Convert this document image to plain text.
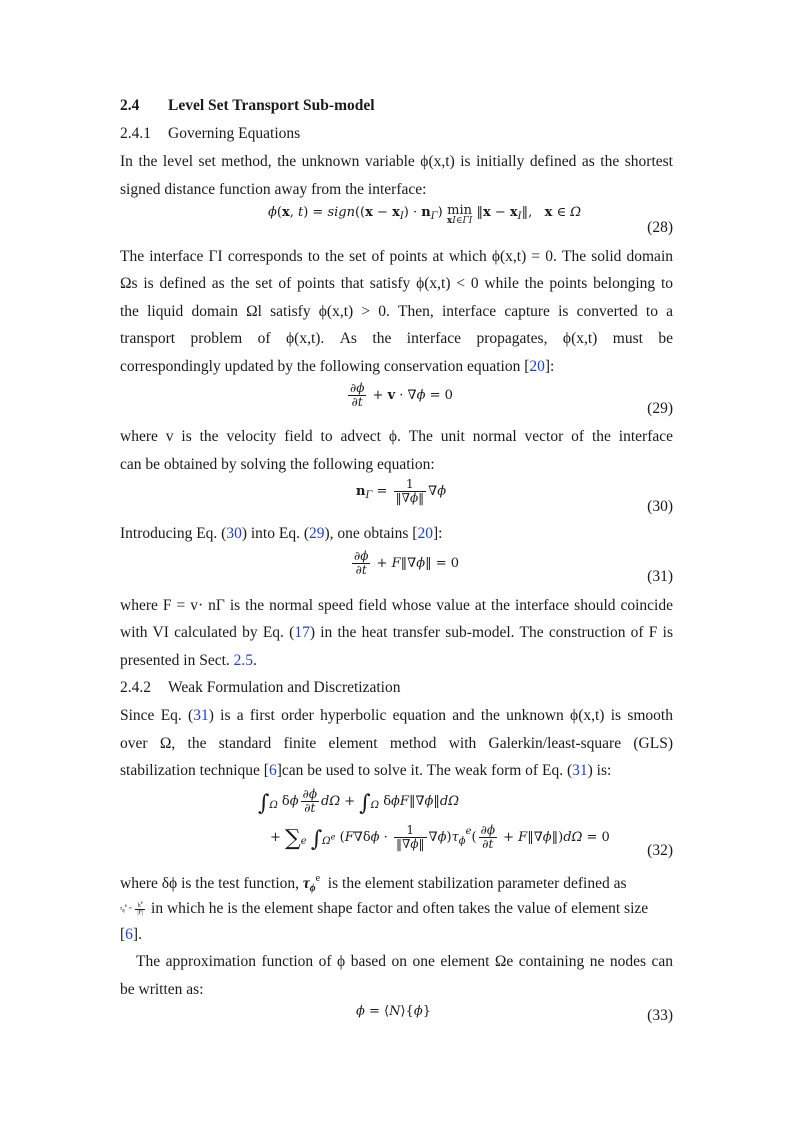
2.4 Level Set Transport Sub-model
2.4.1 Governing Equations
In the level set method, the unknown variable ϕ(x,t) is initially defined as the shortest
signed distance function away from the interface:
ϕ(x, t) = sign((x − $x_I) \cdot n_\Gamma$) min
xI∈ΓI
‖x − $x_I‖$,   x ∈ Ω
(28)
The interface ΓI corresponds to the set of points at which ϕ(x,t) = 0. The solid domain
Ωs is defined as the set of points that satisfy ϕ(x,t) < 0 while the points belonging to
the liquid domain Ωl satisfy ϕ(x,t) > 0. Then, interface capture is converted to a
transport problem of ϕ(x,t). As the interface propagates, ϕ(x,t) must be
correspondingly updated by the following conservation equation [20]:
$\frac{\partial\phi}{\partial t} + v \cdot \nabla\phi = 0$
(29)
where v is the velocity field to advect ϕ. The unit normal vector of the interface
can be obtained by solving the following equation:
$n_\Gamma = \frac{1}{‖\nabla\phi‖} \nabla\phi$
(30)
Introducing Eq. (30) into Eq. (29), one obtains [20]:
$\frac{\partial\phi}{\partial t}$ + F‖∇ϕ‖ = 0
(31)
where F = v· nΓ is the normal speed field whose value at the interface should coincide
with VI calculated by Eq. (17) in the heat transfer sub-model. The construction of F is
presented in Sect. 2.5.
2.4.2 Weak Formulation and Discretization
Since Eq. (31) is a first order hyperbolic equation and the unknown ϕ(x,t) is smooth
over Ω, the standard finite element method with Galerkin/least-square (GLS)
stabilization technique [6]can be used to solve it. The weak form of Eq. (31) is:
$\int_\Omega$ δϕ $\frac{\partial\phi}{\partial t}$ $d\Omega + \int_\Omega$ δϕF‖∇ϕ‖dΩ
+ $\sum_e$ $\int_{\Omega^e}$ $(F\nabla\delta\phi \cdot \frac{1}{‖\nabla\phi‖} \nabla\phi)\tau_\phi^e( \frac{\partial\phi}{\partial t}$ + F‖∇ϕ‖)dΩ = 0
(32)
where δϕ is the test function, $\tau_\phi^e$ is the element stabilization parameter defined as
$\tau_\phi^e = \frac{h^e}{|F|}$ in which he is the element shape factor and often takes the value of element size
[6].
The approximation function of ϕ based on one element Ωe containing ne nodes can
be written as:
ϕ = ⟨N⟩{ϕ}	(33)
